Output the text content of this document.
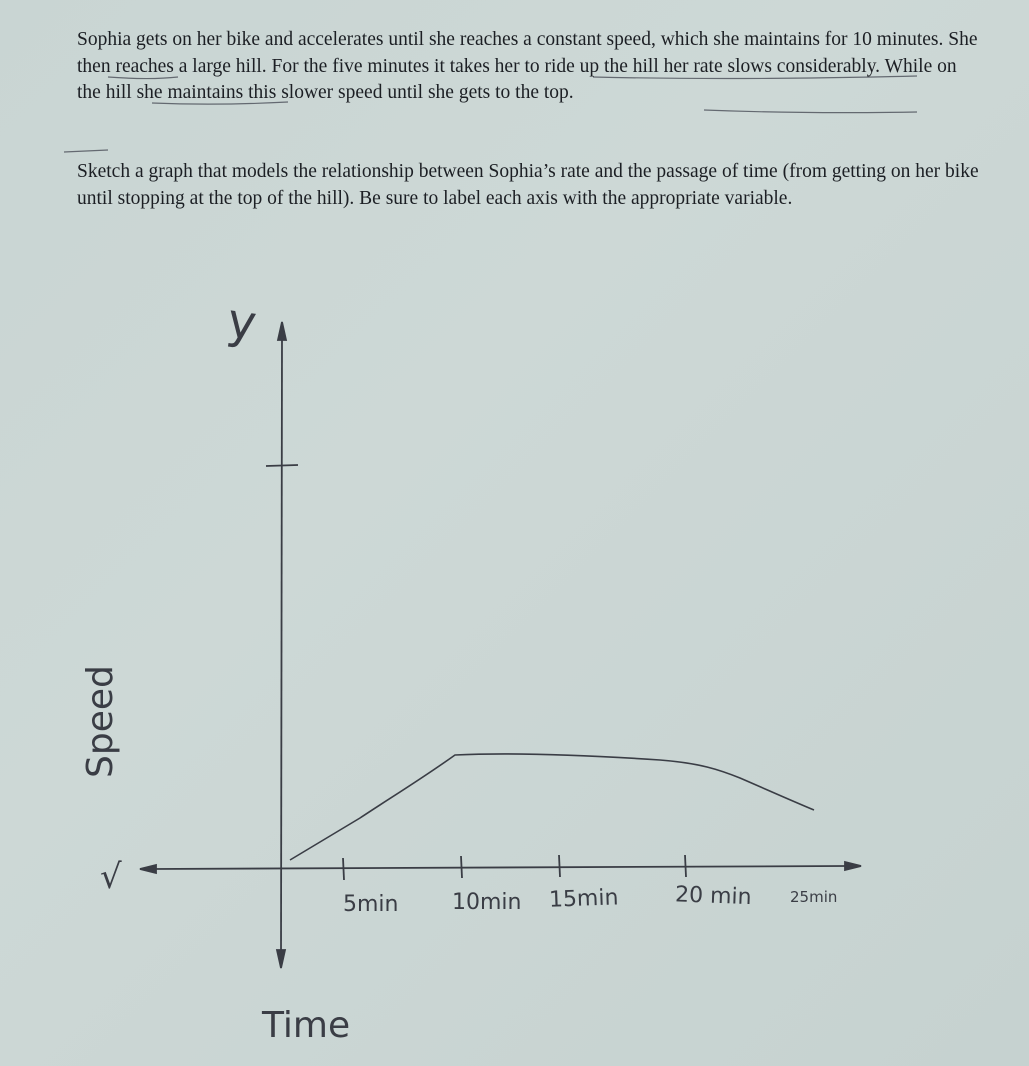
Sophia gets on her bike and accelerates until she reaches a constant speed, which she maintains for 10 minutes. She then reaches a large hill. For the five minutes it takes her to ride up the hill her rate slows considerably. While on the hill she maintains this slower speed until she gets to the top.

Sketch a graph that models the relationship between Sophia’s rate and the passage of time (from getting on her bike until stopping at the top of the hill). Be sure to label each axis with the appropriate variable.

y
√
Speed
Time
5min 10min 15min	20 min	25min
